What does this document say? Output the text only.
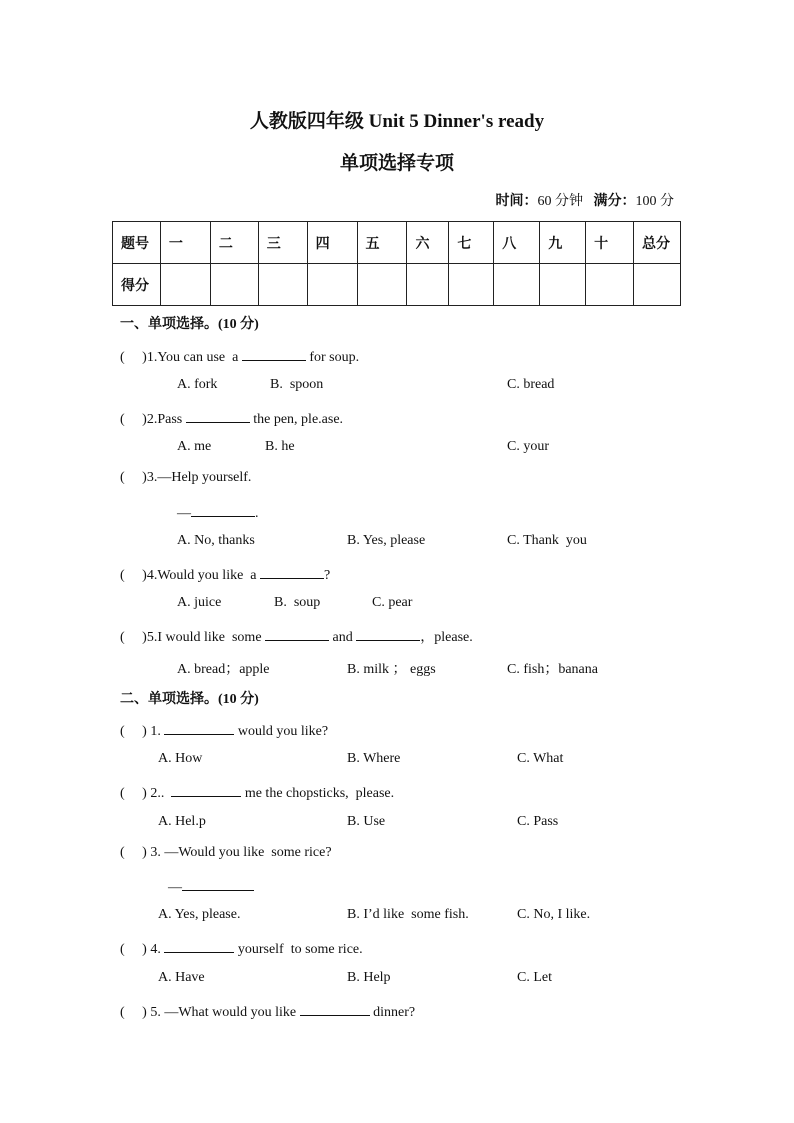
人教版四年级 Unit 5 Dinner's ready
单项选择专项
时间：60 分钟 满分：100 分
题号	一	二	三	四	五	六	七	八	九	十	总分
得分											
一、单项选择。(10 分)
(     )1.You can use  a	for soup.
A. fork	B.  spoon	C. bread
(     )2.Pass	the pen, ple.ase.
A. me	B. he	C. your
(     )3.—Help yourself.
—	.
A. No, thanks	B. Yes, please	C. Thank  you
(     )4.Would you like  a	?
A. juice	B.  soup	C. pear
(     )5.I would like  some	and	，please.
A. bread；apple	B. milk ； eggs	C. fish；banana
二、单项选择。(10 分)
(     ) 1.	would you like?
A. How	B. Where	C. What
(     ) 2..	me the chopsticks,  please.
A. Hel.p	B. Use	C. Pass
(     ) 3. —Would you like  some rice?
—
A. Yes, please.	B. I’d like  some fish.	C. No, I like.
(     ) 4.	yourself  to some rice.
A. Have	B. Help	C. Let
(     ) 5. —What would you like	dinner?
